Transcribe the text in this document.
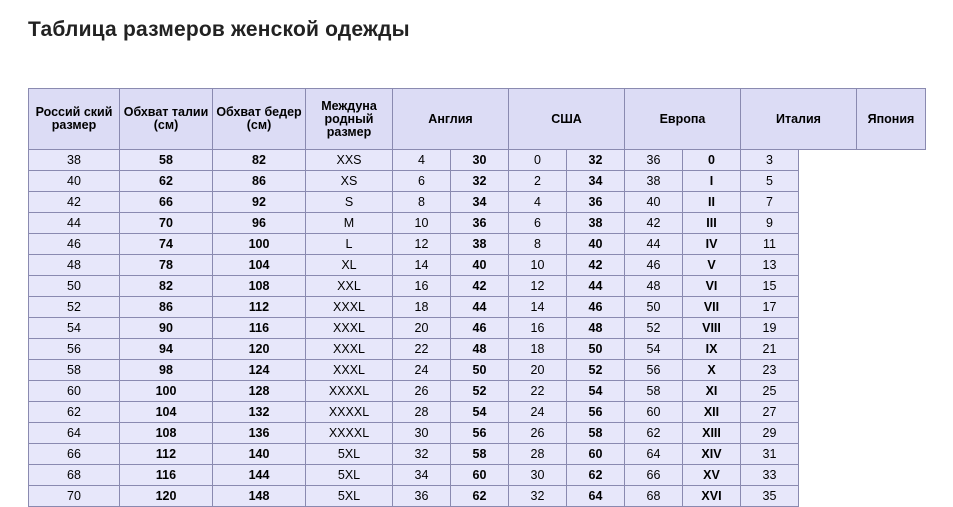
Таблица размеров женской одежды
Россий ский размер	Обхват талии (см)	Обхват бедер (см)	Междуна родный размер	Англия		США		Европа		Италия	Япония
38	58	82	XXS	4	30	0	32	36	0	3	
40	62	86	XS	6	32	2	34	38	I	5	
42	66	92	S	8	34	4	36	40	II	7	
44	70	96	M	10	36	6	38	42	III	9	
46	74	100	L	12	38	8	40	44	IV	11	
48	78	104	XL	14	40	10	42	46	V	13	
50	82	108	XXL	16	42	12	44	48	VI	15	
52	86	112	XXXL	18	44	14	46	50	VII	17	
54	90	116	XXXL	20	46	16	48	52	VIII	19	
56	94	120	XXXL	22	48	18	50	54	IX	21	
58	98	124	XXXL	24	50	20	52	56	X	23	
60	100	128	XXXXL	26	52	22	54	58	XI	25	
62	104	132	XXXXL	28	54	24	56	60	XII	27	
64	108	136	XXXXL	30	56	26	58	62	XIII	29	
66	112	140	5XL	32	58	28	60	64	XIV	31	
68	116	144	5XL	34	60	30	62	66	XV	33	
70	120	148	5XL	36	62	32	64	68	XVI	35	
